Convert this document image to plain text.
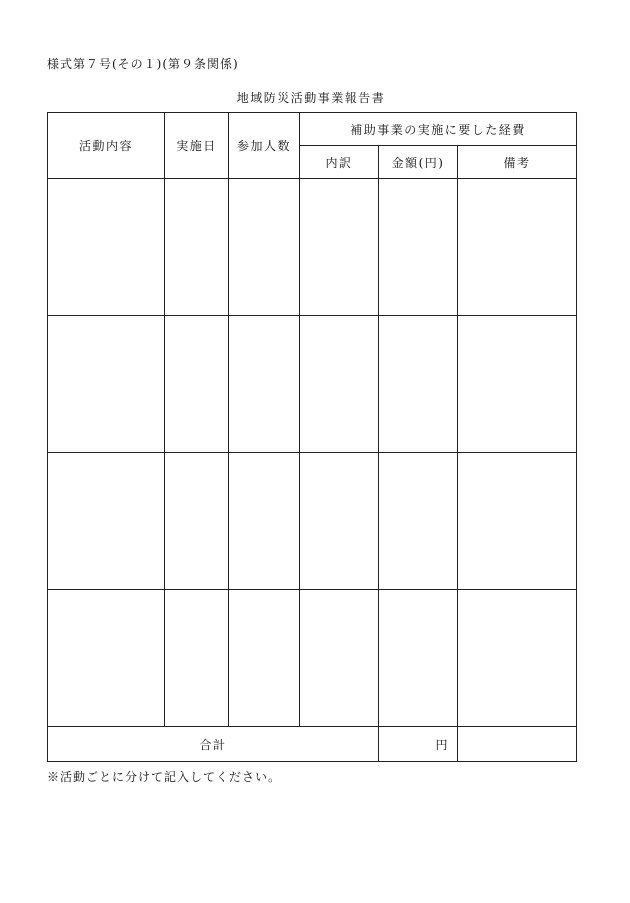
様式第７号(その１)(第９条関係)
地域防災活動事業報告書
活動内容	実施日	参加人数	補助事業の実施に要した経費		
			内訳	金額(円)	備考

合計				円	
※活動ごとに分けて記入してください。
